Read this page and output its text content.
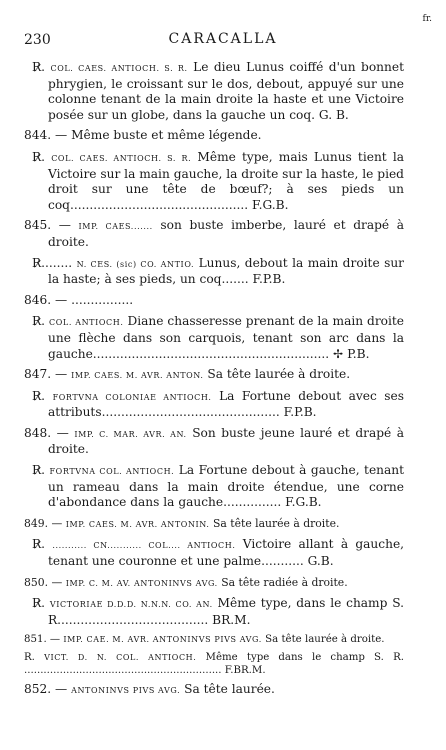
230	CARACALLA
fr.
R̷. COL. CAES. ANTIOCH. S. R. Le dieu Lunus coiffé d'un bonnet phrygien, le croissant sur le dos, debout, appuyé sur une colonne tenant de la main droite la haste et une Victoire posée sur un globe, dans la gauche un coq. G. B.
844. — Même buste et même légende.
R̷. COL. CAES. ANTIOCH. S. R. Même type, mais Lunus tient la Victoire sur la main gauche, la droite sur la haste, le pied droit sur une tête de bœuf?; à ses pieds un coq.............................................. F.G.B.
845. — IMP. CAES....... son buste imberbe, lauré et drapé à droite.
R̷........ N. CES. (sic) CO. ANTIO. Lunus, debout la main droite sur la haste; à ses pieds, un coq....... F.P.B.
846. — ................
R̷. COL. ANTIOCH. Diane chasseresse prenant de la main droite une flèche dans son carquois, tenant son arc dans la gauche............................................................. ✢ P.B.
847. — IMP. CAES. M. AVR. ANTON. Sa tête laurée à droite.
R̷. FORTVNA COLONIAE ANTIOCH. La Fortune debout avec ses attributs.............................................. F.P.B.
848. — IMP. C. MAR. AVR. AN. Son buste jeune lauré et drapé à droite.
R̷. FORTVNA COL. ANTIOCH. La Fortune debout à gauche, tenant un rameau dans la main droite étendue, une corne d'abondance dans la gauche............... F.G.B.
849. — IMP. CAES. M. AVR. ANTONIN. Sa tête laurée à droite.
R̷. ........... CN........... COL.... ANTIOCH. Victoire allant à gauche, tenant une couronne et une palme........... G.B.
850. — IMP. C. M. AV. ANTONINVS AVG. Sa tête radiée à droite.
R̷. VICTORIAE D.D.D. N.N.N. CO. AN. Même type, dans le champ S. R....................................... BR.M.
851. — IMP. CAE. M. AVR. ANTONINVS PIVS AVG. Sa tête laurée à droite.
R. VICT. D. N. COL. ANTIOCH. Même type dans le champ S. R. ............................................................. F.BR.M.
852. — ANTONINVS PIVS AVG. Sa tête laurée.
